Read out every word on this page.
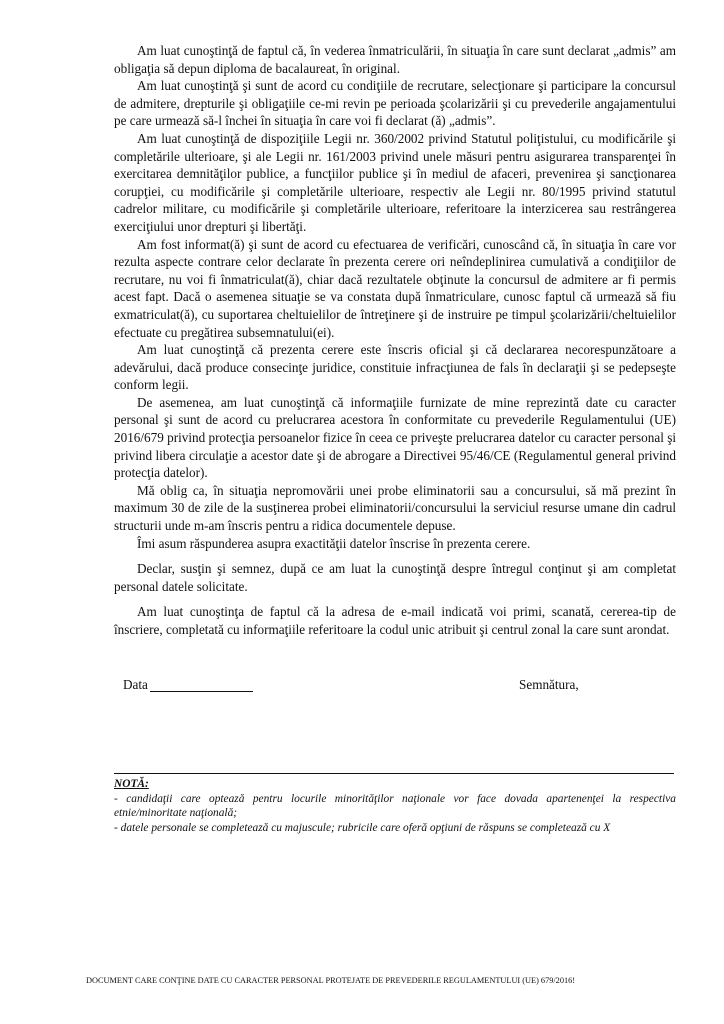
Am luat cunoştinţă de faptul că, în vederea înmatriculării, în situaţia în care sunt declarat „admis” am obligaţia să depun diploma de bacalaureat, în original.

Am luat cunoştinţă şi sunt de acord cu condiţiile de recrutare, selecţionare şi participare la concursul de admitere, drepturile şi obligaţiile ce-mi revin pe perioada şcolarizării şi cu prevederile angajamentului pe care urmează să-l închei în situaţia în care voi fi declarat (ă) „admis”.

Am luat cunoştinţă de dispoziţiile Legii nr. 360/2002 privind Statutul poliţistului, cu modificările şi completările ulterioare, şi ale Legii nr. 161/2003 privind unele măsuri pentru asigurarea transparenţei în exercitarea demnităţilor publice, a funcţiilor publice şi în mediul de afaceri, prevenirea şi sancţionarea corupţiei, cu modificările şi completările ulterioare, respectiv ale Legii nr. 80/1995 privind statutul cadrelor militare, cu modificările şi completările ulterioare, referitoare la interzicerea sau restrângerea exerciţiului unor drepturi şi libertăţi.

Am fost informat(ă) şi sunt de acord cu efectuarea de verificări, cunoscând că, în situaţia în care vor rezulta aspecte contrare celor declarate în prezenta cerere ori neîndeplinirea cumulativă a condiţiilor de recrutare, nu voi fi înmatriculat(ă), chiar dacă rezultatele obţinute la concursul de admitere ar fi permis acest fapt. Dacă o asemenea situaţie se va constata după înmatriculare, cunosc faptul că urmează să fiu exmatriculat(ă), cu suportarea cheltuielilor de întreţinere şi de instruire pe timpul şcolarizării/cheltuielilor efectuate cu pregătirea subsemnatului(ei).

Am luat cunoştinţă că prezenta cerere este înscris oficial şi că declararea necorespunzătoare a adevărului, dacă produce consecinţe juridice, constituie infracţiunea de fals în declaraţii şi se pedepseşte conform legii.

De asemenea, am luat cunoştinţă că informaţiile furnizate de mine reprezintă date cu caracter personal şi sunt de acord cu prelucrarea acestora în conformitate cu prevederile Regulamentului (UE) 2016/679 privind protecţia persoanelor fizice în ceea ce priveşte prelucrarea datelor cu caracter personal şi privind libera circulaţie a acestor date şi de abrogare a Directivei 95/46/CE (Regulamentul general privind protecţia datelor).

Mă oblig ca, în situaţia nepromovării unei probe eliminatorii sau a concursului, să mă prezint în maximum 30 de zile de la susţinerea probei eliminatorii/concursului la serviciul resurse umane din cadrul structurii unde m-am înscris pentru a ridica documentele depuse.

Îmi asum răspunderea asupra exactităţii datelor înscrise în prezenta cerere.

Declar, susţin şi semnez, după ce am luat la cunoştinţă despre întregul conţinut şi am completat personal datele solicitate.

Am luat cunoştinţa de faptul că la adresa de e-mail indicată voi primi, scanată, cererea-tip de înscriere, completată cu informaţiile referitoare la codul unic atribuit şi centrul zonal la care sunt arondat.

Data	Semnătura,

NOTĂ:

- candidaţii care optează pentru locurile minorităţilor naţionale vor face dovada apartenenţei la respectiva etnie/minoritate naţională;

- datele personale se completează cu majuscule; rubricile care oferă opţiuni de răspuns se completează cu X

DOCUMENT CARE CONŢINE DATE CU CARACTER PERSONAL PROTEJATE DE PREVEDERILE REGULAMENTULUI (UE) 679/2016!
